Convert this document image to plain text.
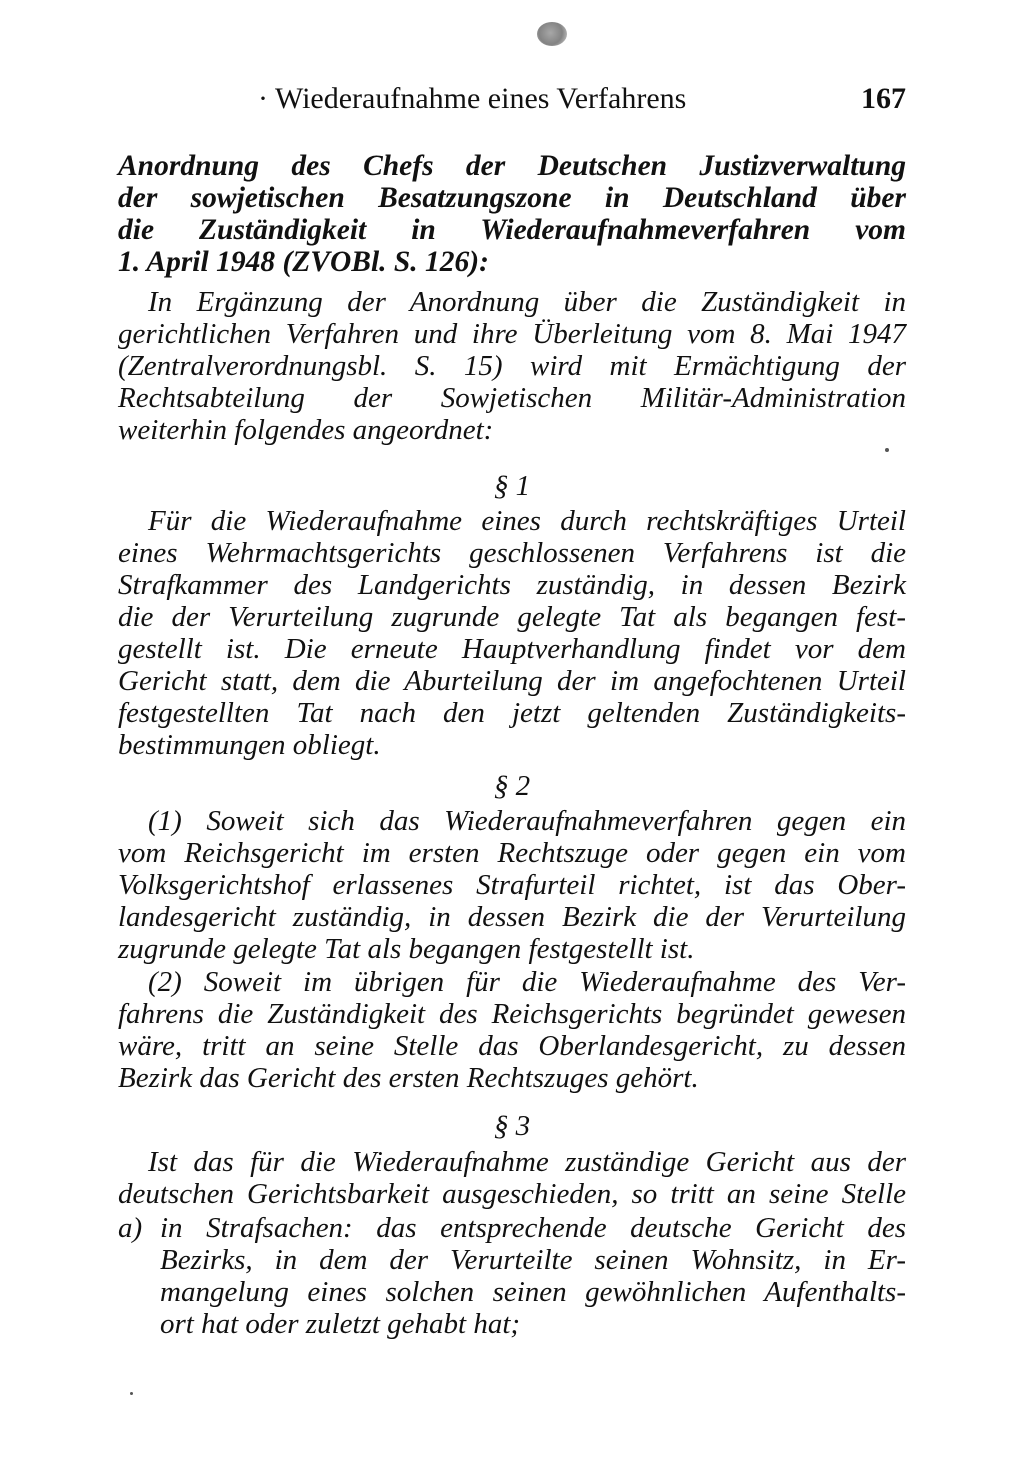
· Wiederaufnahme eines Verfahrens	167
Anordnung des Chefs der Deutschen Justizverwaltung
der sowjetischen Besatzungszone in Deutschland über
die Zuständigkeit in Wiederaufnahmeverfahren vom
1. April 1948 (ZVOBl. S. 126):
In Ergänzung der Anordnung über die Zuständigkeit in
gerichtlichen Verfahren und ihre Überleitung vom 8. Mai 1947
(Zentralverordnungsbl. S. 15) wird mit Ermächtigung der
Rechtsabteilung der Sowjetischen Militär-Administration
weiterhin folgendes angeordnet:
§ 1
Für die Wiederaufnahme eines durch rechtskräftiges Urteil
eines Wehrmachtsgerichts geschlossenen Verfahrens ist die
Strafkammer des Landgerichts zuständig, in dessen Bezirk
die der Verurteilung zugrunde gelegte Tat als begangen fest-
gestellt ist. Die erneute Hauptverhandlung findet vor dem
Gericht statt, dem die Aburteilung der im angefochtenen Urteil
festgestellten Tat nach den jetzt geltenden Zuständigkeits-
bestimmungen obliegt.
§ 2
(1) Soweit sich das Wiederaufnahmeverfahren gegen ein
vom Reichsgericht im ersten Rechtszuge oder gegen ein vom
Volksgerichtshof erlassenes Strafurteil richtet, ist das Ober-
landesgericht zuständig, in dessen Bezirk die der Verurteilung
zugrunde gelegte Tat als begangen festgestellt ist.
(2) Soweit im übrigen für die Wiederaufnahme des Ver-
fahrens die Zuständigkeit des Reichsgerichts begründet gewesen
wäre, tritt an seine Stelle das Oberlandesgericht, zu dessen
Bezirk das Gericht des ersten Rechtszuges gehört.
§ 3
Ist das für die Wiederaufnahme zuständige Gericht aus der
deutschen Gerichtsbarkeit ausgeschieden, so tritt an seine Stelle
a) in Strafsachen: das entsprechende deutsche Gericht des
Bezirks, in dem der Verurteilte seinen Wohnsitz, in Er-
mangelung eines solchen seinen gewöhnlichen Aufenthalts-
ort hat oder zuletzt gehabt hat;
